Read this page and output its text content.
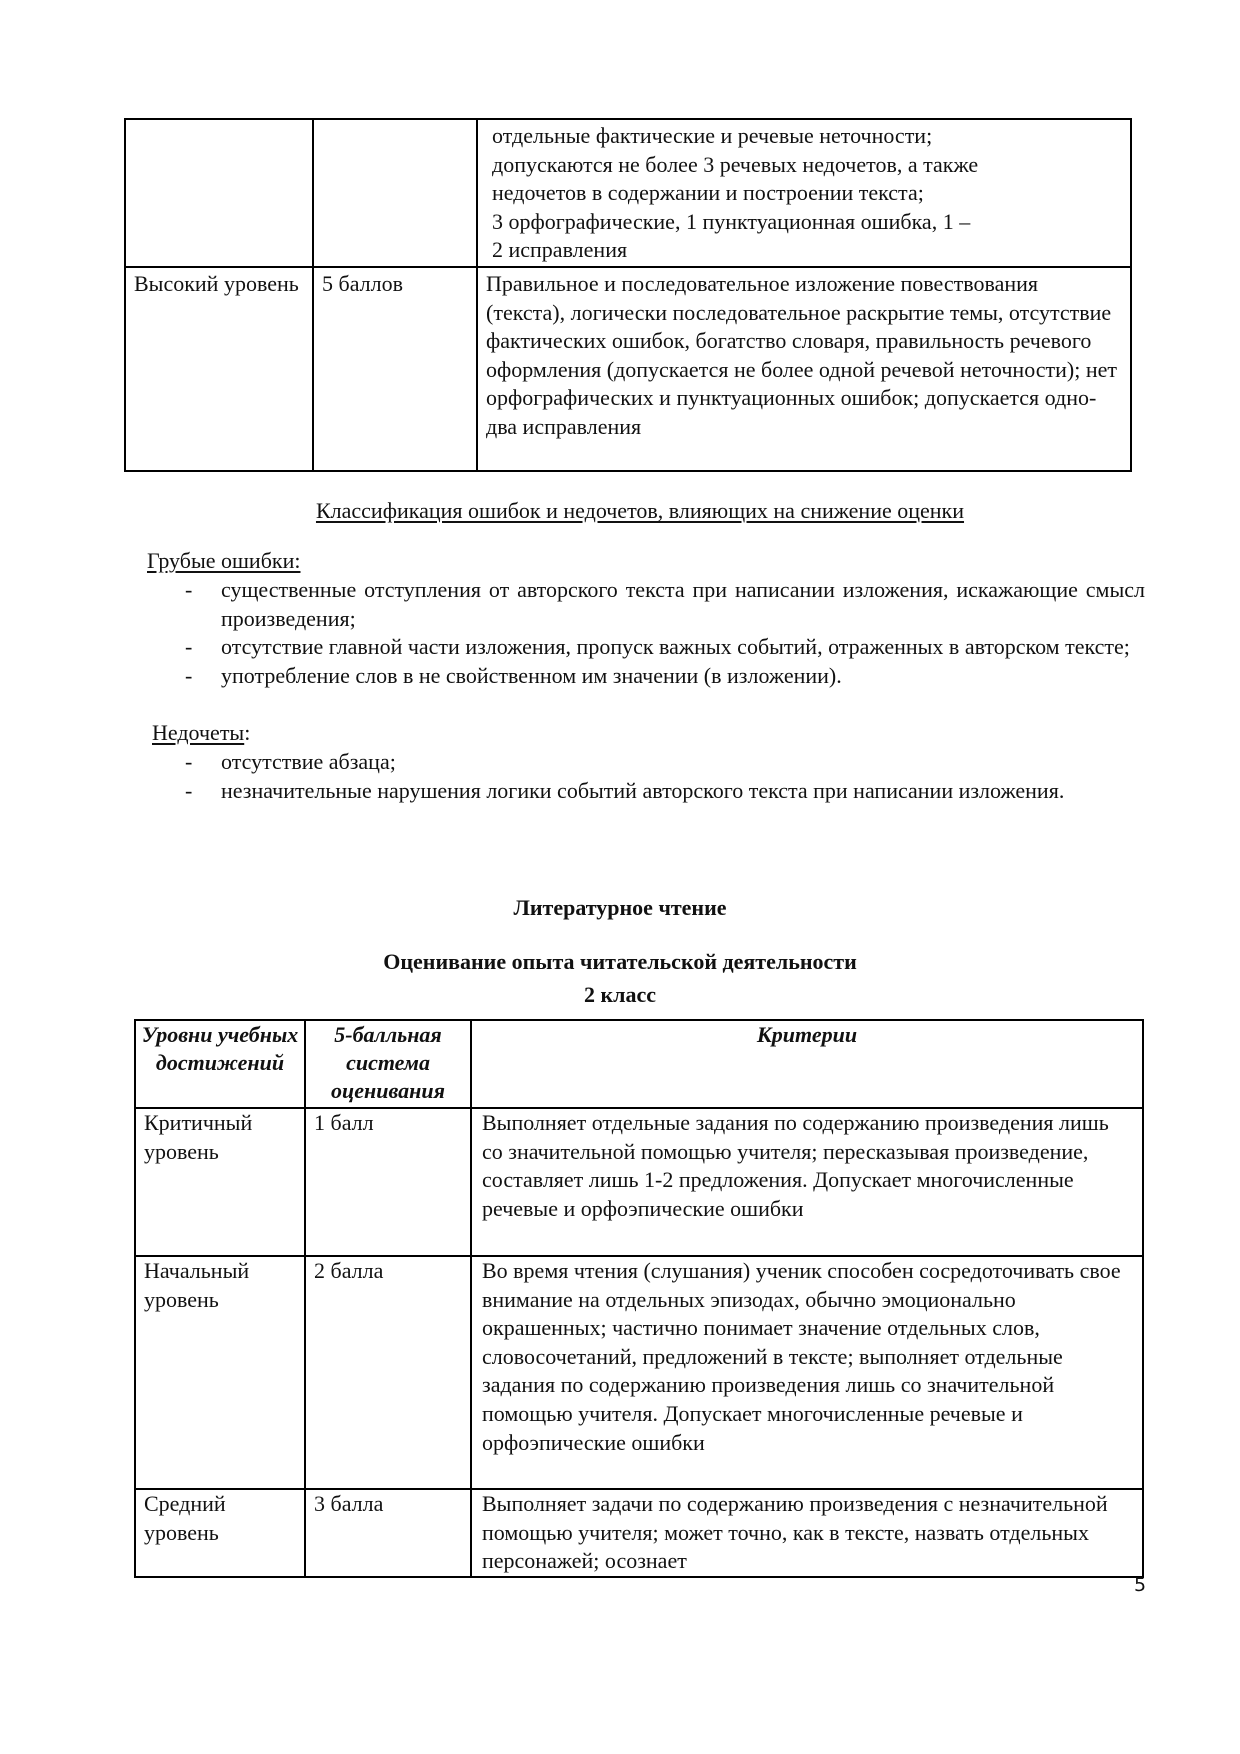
		отдельные фактические и речевые неточности;
допускаются не более 3 речевых недочетов, а также
недочетов в содержании и построении текста;
3 орфографические, 1 пунктуационная ошибка, 1 –
2 исправления

Высокий уровень	5 баллов	Правильное и последовательное изложение повествования (текста), логически последовательное раскрытие темы, отсутствие фактических ошибок, богатство словаря, правильность речевого оформления (допускается не более одной речевой неточности); нет орфографических и пунктуационных ошибок; допускается одно-два исправления
Классификация ошибок и недочетов, влияющих на снижение оценки
Грубые ошибки:
- существенные отступления от авторского текста при написании изложения, искажающие смысл произведения;
- отсутствие главной части изложения, пропуск важных событий, отраженных в авторском тексте;
- употребление слов в не свойственном им значении (в изложении).
Недочеты:
- отсутствие абзаца;
- незначительные нарушения логики событий авторского текста при написании изложения.
Литературное чтение
Оценивание опыта читательской деятельности
2 класс
Уровни учебных достижений	5-балльная система оценивания	Критерии
Критичный уровень	1 балл	Выполняет отдельные задания по содержанию произведения лишь со значительной помощью учителя; пересказывая произведение, составляет лишь 1-2 предложения. Допускает многочисленные речевые и орфоэпические ошибки
Начальный уровень	2 балла	Во время чтения (слушания) ученик способен сосредоточивать свое внимание на отдельных эпизодах, обычно эмоционально окрашенных; частично понимает значение отдельных слов, словосочетаний, предложений в тексте; выполняет отдельные задания по содержанию произведения лишь со значительной помощью учителя. Допускает многочисленные речевые и орфоэпические ошибки
Средний уровень	3 балла	Выполняет задачи по содержанию произведения с незначительной помощью учителя; может точно, как в тексте, назвать отдельных персонажей; осознает
5
